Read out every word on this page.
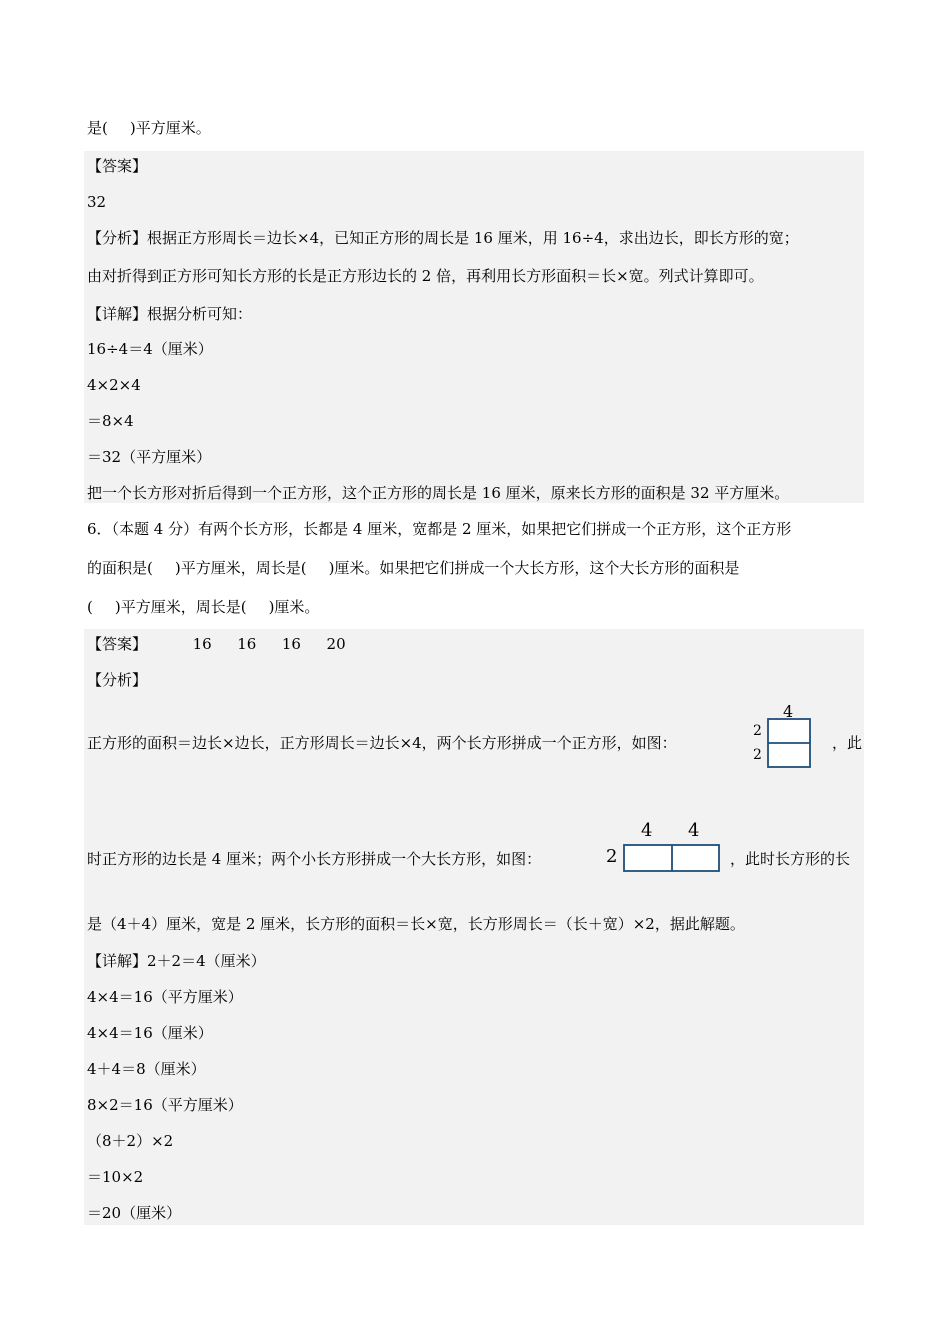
是( )平方厘米。
【答案】
32
【分析】根据正方形周长＝边长×4，已知正方形的周长是 16 厘米，用 16÷4，求出边长，即长方形的宽；
由对折得到正方形可知长方形的长是正方形边长的 2 倍，再利用长方形面积＝长×宽。列式计算即可。
【详解】根据分析可知：
16÷4＝4（厘米）
4×2×4
＝8×4
＝32（平方厘米）
把一个长方形对折后得到一个正方形，这个正方形的周长是 16 厘米，原来长方形的面积是 32 平方厘米。
6．（本题 4 分）有两个长方形，长都是 4 厘米，宽都是 2 厘米，如果把它们拼成一个正方形，这个正方形
的面积是( )平方厘米，周长是( )厘米。如果把它们拼成一个大长方形，这个大长方形的面积是
( )平方厘米，周长是( )厘米。
【答案】	16 16 16 20
【分析】
正方形的面积＝边长×边长，正方形周长＝边长×4，两个长方形拼成一个正方形，如图：	，此
4
2
2
时正方形的边长是 4 厘米；两个小长方形拼成一个大长方形，如图：	，此时长方形的长
4 4
2
是（4＋4）厘米，宽是 2 厘米，长方形的面积＝长×宽，长方形周长＝（长＋宽）×2，据此解题。
【详解】2＋2＝4（厘米）
4×4＝16（平方厘米）
4×4＝16（厘米）
4＋4＝8（厘米）
8×2＝16（平方厘米）
（8＋2）×2
＝10×2
＝20（厘米）
